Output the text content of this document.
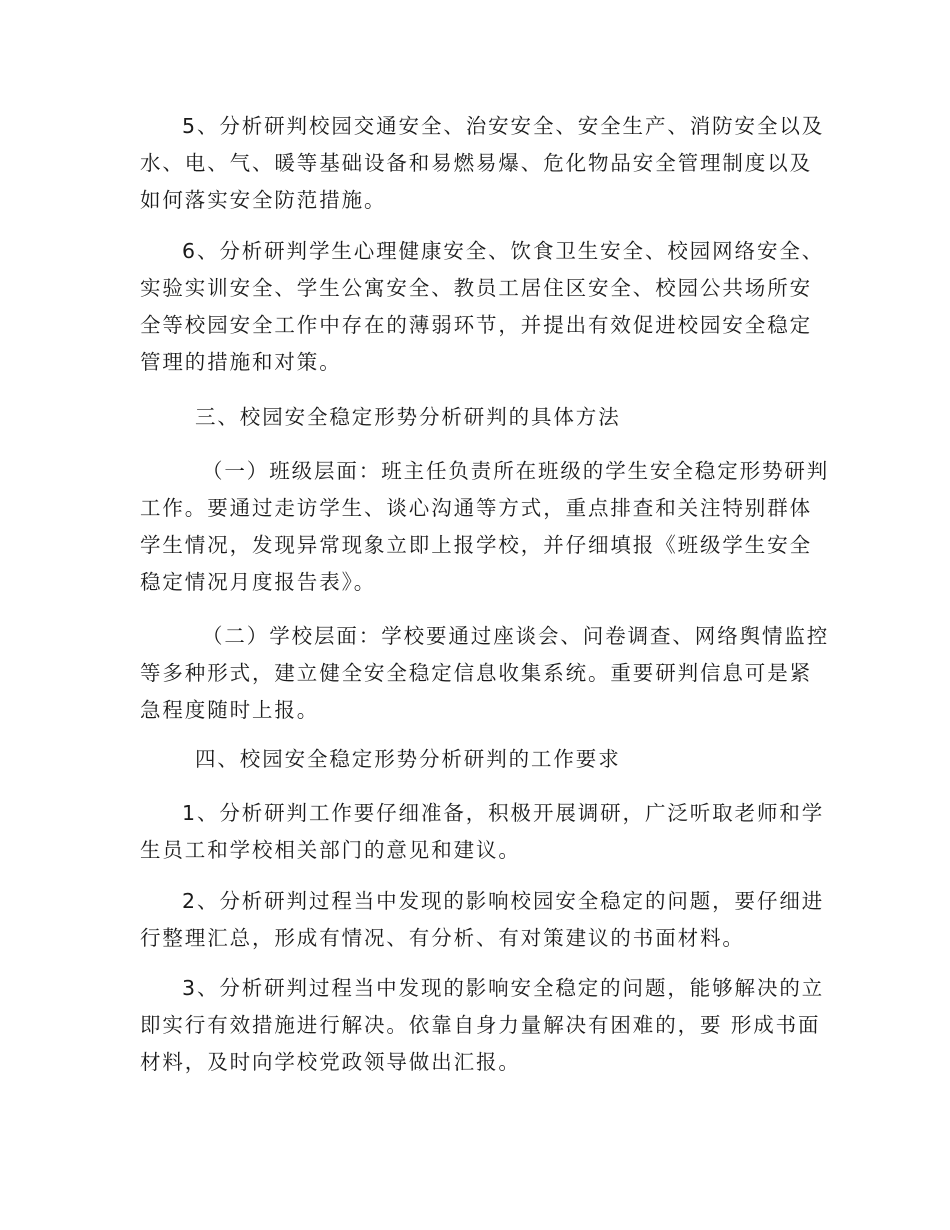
5、分析研判校园交通安全、治安安全、安全生产、消防安全以及
水、电、气、暖等基础设备和易燃易爆、危化物品安全管理制度以及
如何落实安全防范措施。

6、分析研判学生心理健康安全、饮食卫生安全、校园网络安全、
实验实训安全、学生公寓安全、教员工居住区安全、校园公共场所安
全等校园安全工作中存在的薄弱环节，并提出有效促进校园安全稳定
管理的措施和对策。

三、校园安全稳定形势分析研判的具体方法

（一）班级层面：班主任负责所在班级的学生安全稳定形势研判
工作。要通过走访学生、谈心沟通等方式，重点排查和关注特别群体
学生情况，发现异常现象立即上报学校，并仔细填报《班级学生安全
稳定情况月度报告表》。

（二）学校层面：学校要通过座谈会、问卷调查、网络舆情监控
等多种形式，建立健全安全稳定信息收集系统。重要研判信息可是紧
急程度随时上报。

四、校园安全稳定形势分析研判的工作要求

1、分析研判工作要仔细准备，积极开展调研，广泛听取老师和学
生员工和学校相关部门的意见和建议。

2、分析研判过程当中发现的影响校园安全稳定的问题，要仔细进
行整理汇总，形成有情况、有分析、有对策建议的书面材料。

3、分析研判过程当中发现的影响安全稳定的问题，能够解决的立
即实行有效措施进行解决。依靠自身力量解决有困难的，要 形成书面
材料，及时向学校党政领导做出汇报。
